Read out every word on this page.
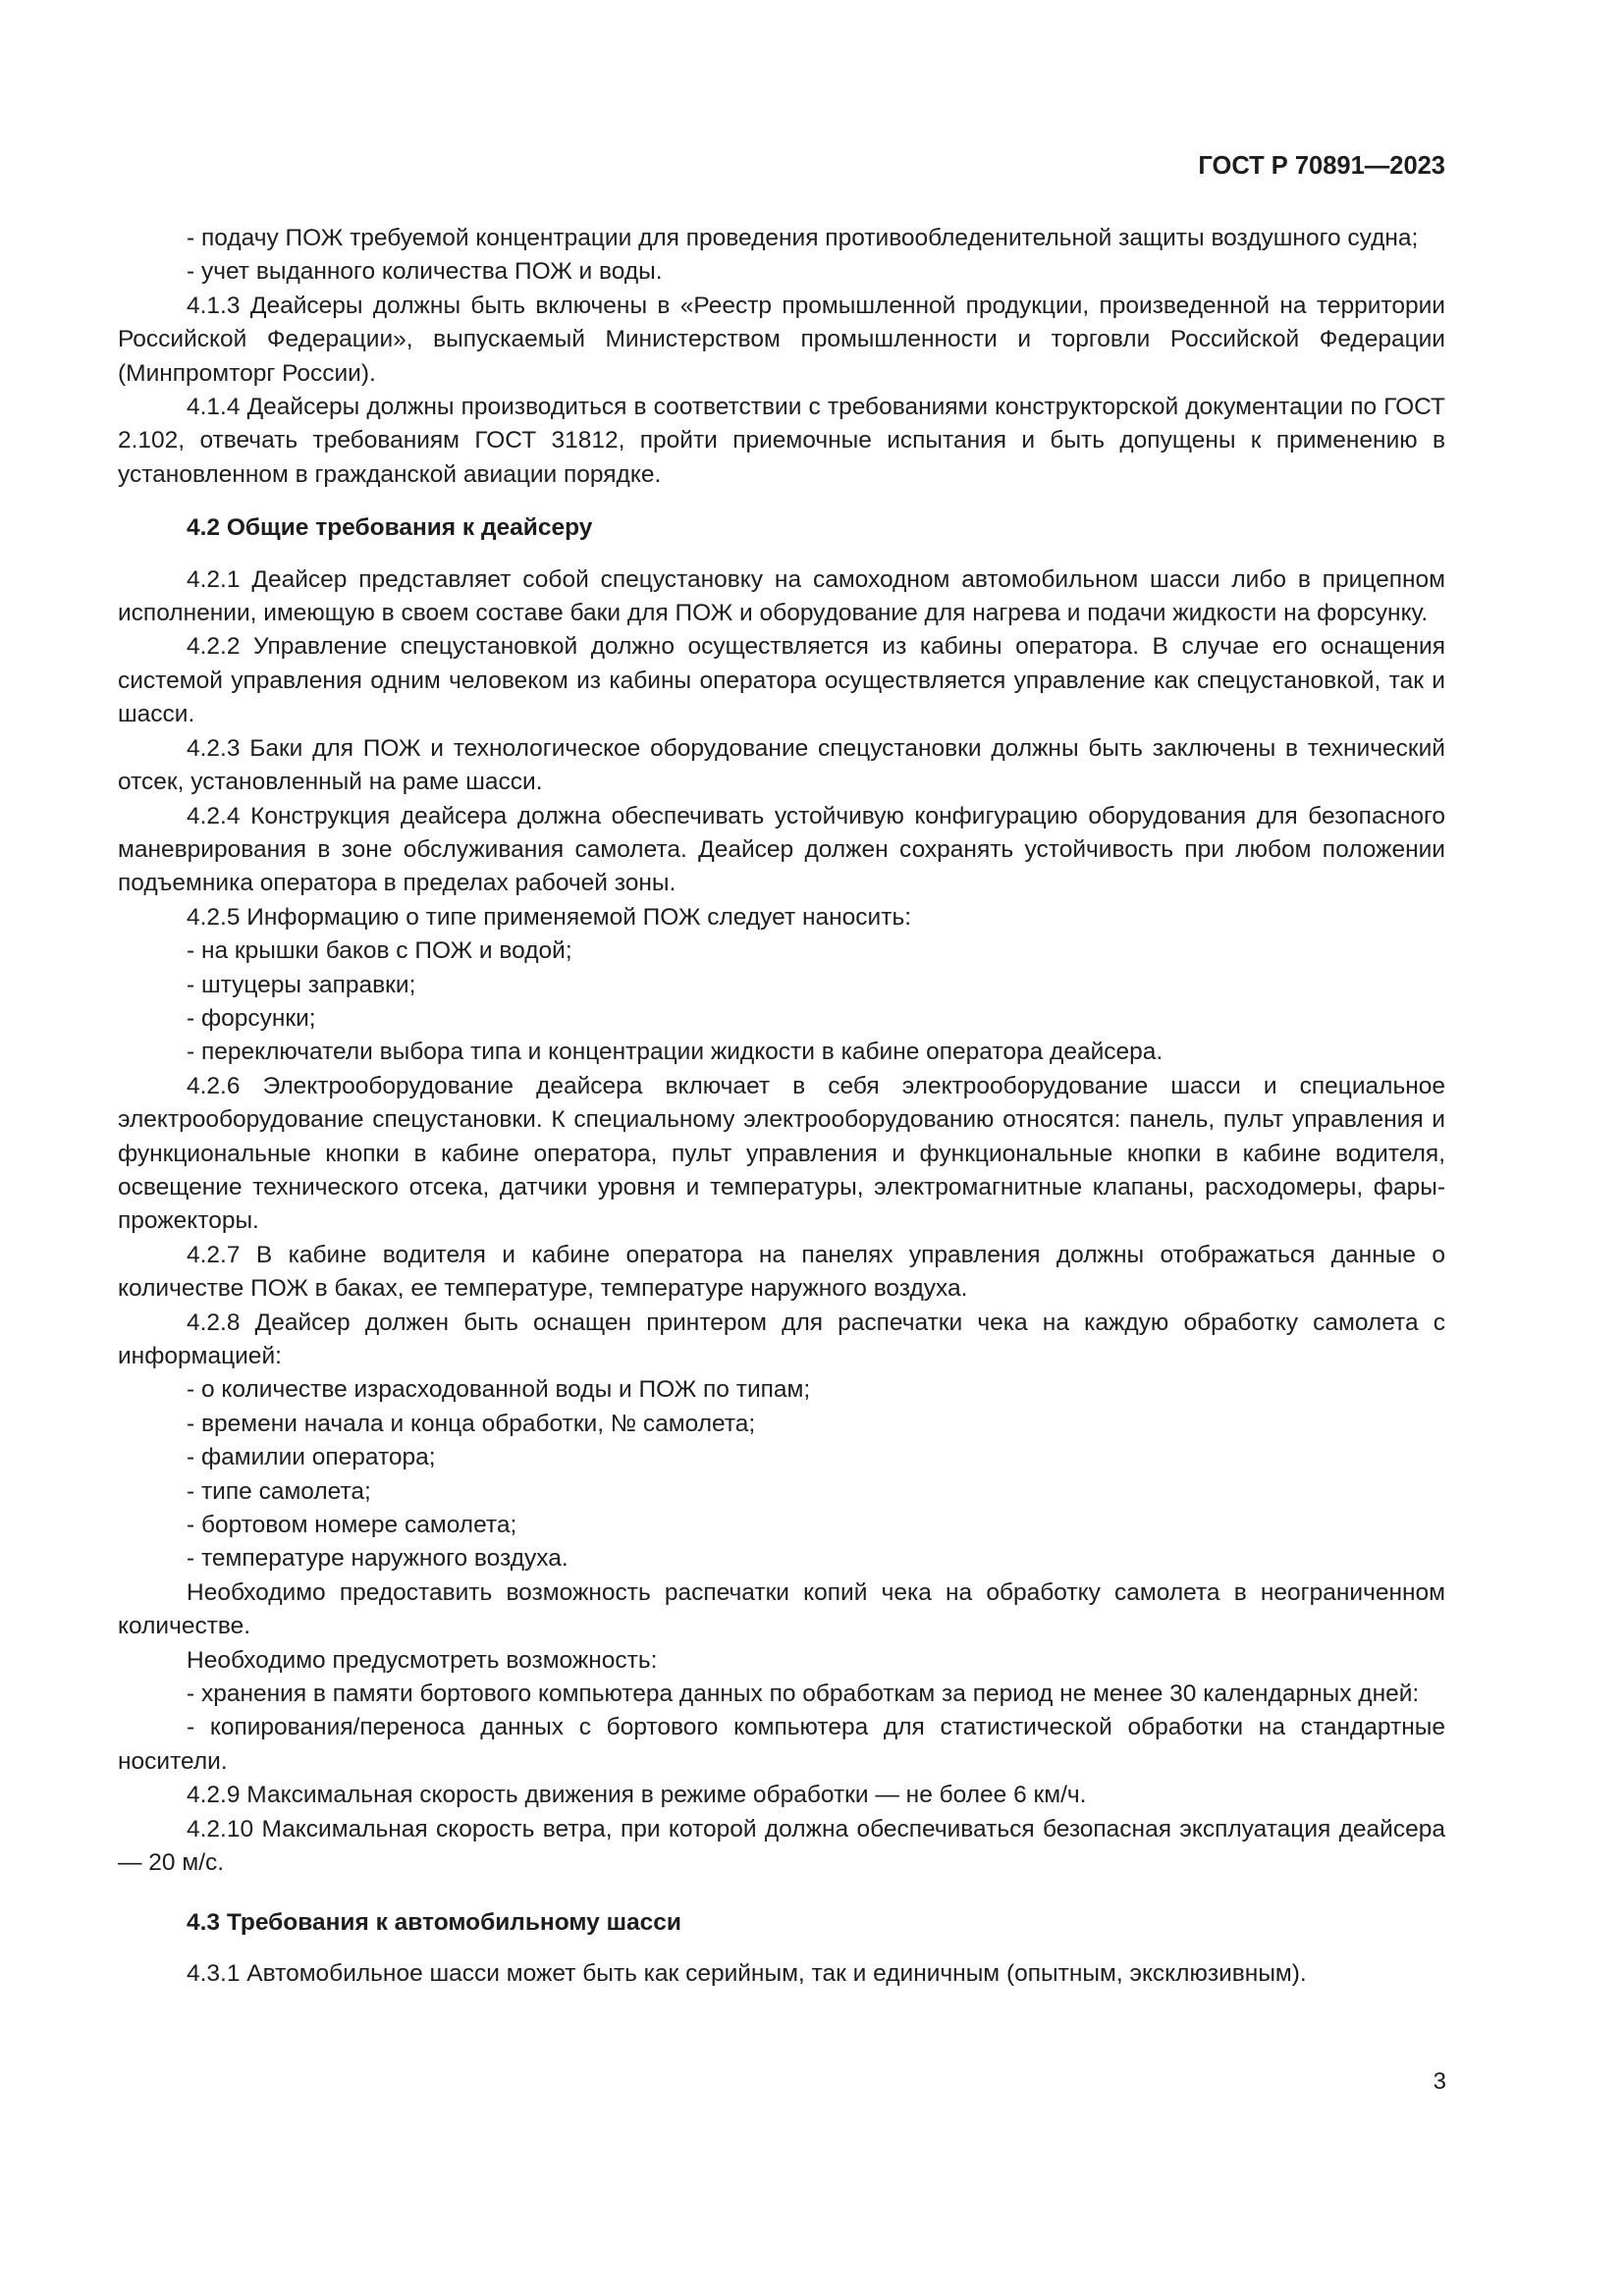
ГОСТ Р 70891—2023

- подачу ПОЖ требуемой концентрации для проведения противообледенительной защиты воздушного судна;

- учет выданного количества ПОЖ и воды.

4.1.3 Деайсеры должны быть включены в «Реестр промышленной продукции, произведенной на территории Российской Федерации», выпускаемый Министерством промышленности и торговли Российской Федерации (Минпромторг России).

4.1.4 Деайсеры должны производиться в соответствии с требованиями конструкторской документации по ГОСТ 2.102, отвечать требованиям ГОСТ 31812, пройти приемочные испытания и быть допущены к применению в установленном в гражданской авиации порядке.

4.2 Общие требования к деайсеру

4.2.1 Деайсер представляет собой спецустановку на самоходном автомобильном шасси либо в прицепном исполнении, имеющую в своем составе баки для ПОЖ и оборудование для нагрева и подачи жидкости на форсунку.

4.2.2 Управление спецустановкой должно осуществляется из кабины оператора. В случае его оснащения системой управления одним человеком из кабины оператора осуществляется управление как спецустановкой, так и шасси.

4.2.3 Баки для ПОЖ и технологическое оборудование спецустановки должны быть заключены в технический отсек, установленный на раме шасси.

4.2.4 Конструкция деайсера должна обеспечивать устойчивую конфигурацию оборудования для безопасного маневрирования в зоне обслуживания самолета. Деайсер должен сохранять устойчивость при любом положении подъемника оператора в пределах рабочей зоны.

4.2.5 Информацию о типе применяемой ПОЖ следует наносить:

- на крышки баков с ПОЖ и водой;

- штуцеры заправки;

- форсунки;

- переключатели выбора типа и концентрации жидкости в кабине оператора деайсера.

4.2.6 Электрооборудование деайсера включает в себя электрооборудование шасси и специальное электрооборудование спецустановки. К специальному электрооборудованию относятся: панель, пульт управления и функциональные кнопки в кабине оператора, пульт управления и функциональные кнопки в кабине водителя, освещение технического отсека, датчики уровня и температуры, электромагнитные клапаны, расходомеры, фары-прожекторы.

4.2.7 В кабине водителя и кабине оператора на панелях управления должны отображаться данные о количестве ПОЖ в баках, ее температуре, температуре наружного воздуха.

4.2.8 Деайсер должен быть оснащен принтером для распечатки чека на каждую обработку самолета с информацией:

- о количестве израсходованной воды и ПОЖ по типам;

- времени начала и конца обработки, № самолета;

- фамилии оператора;

- типе самолета;

- бортовом номере самолета;

- температуре наружного воздуха.

Необходимо предоставить возможность распечатки копий чека на обработку самолета в неограниченном количестве.

Необходимо предусмотреть возможность:

- хранения в памяти бортового компьютера данных по обработкам за период не менее 30 календарных дней:

- копирования/переноса данных с бортового компьютера для статистической обработки на стандартные носители.

4.2.9 Максимальная скорость движения в режиме обработки — не более 6 км/ч.

4.2.10 Максимальная скорость ветра, при которой должна обеспечиваться безопасная эксплуатация деайсера — 20 м/с.

4.3 Требования к автомобильному шасси

4.3.1 Автомобильное шасси может быть как серийным, так и единичным (опытным, эксклюзивным).

3
